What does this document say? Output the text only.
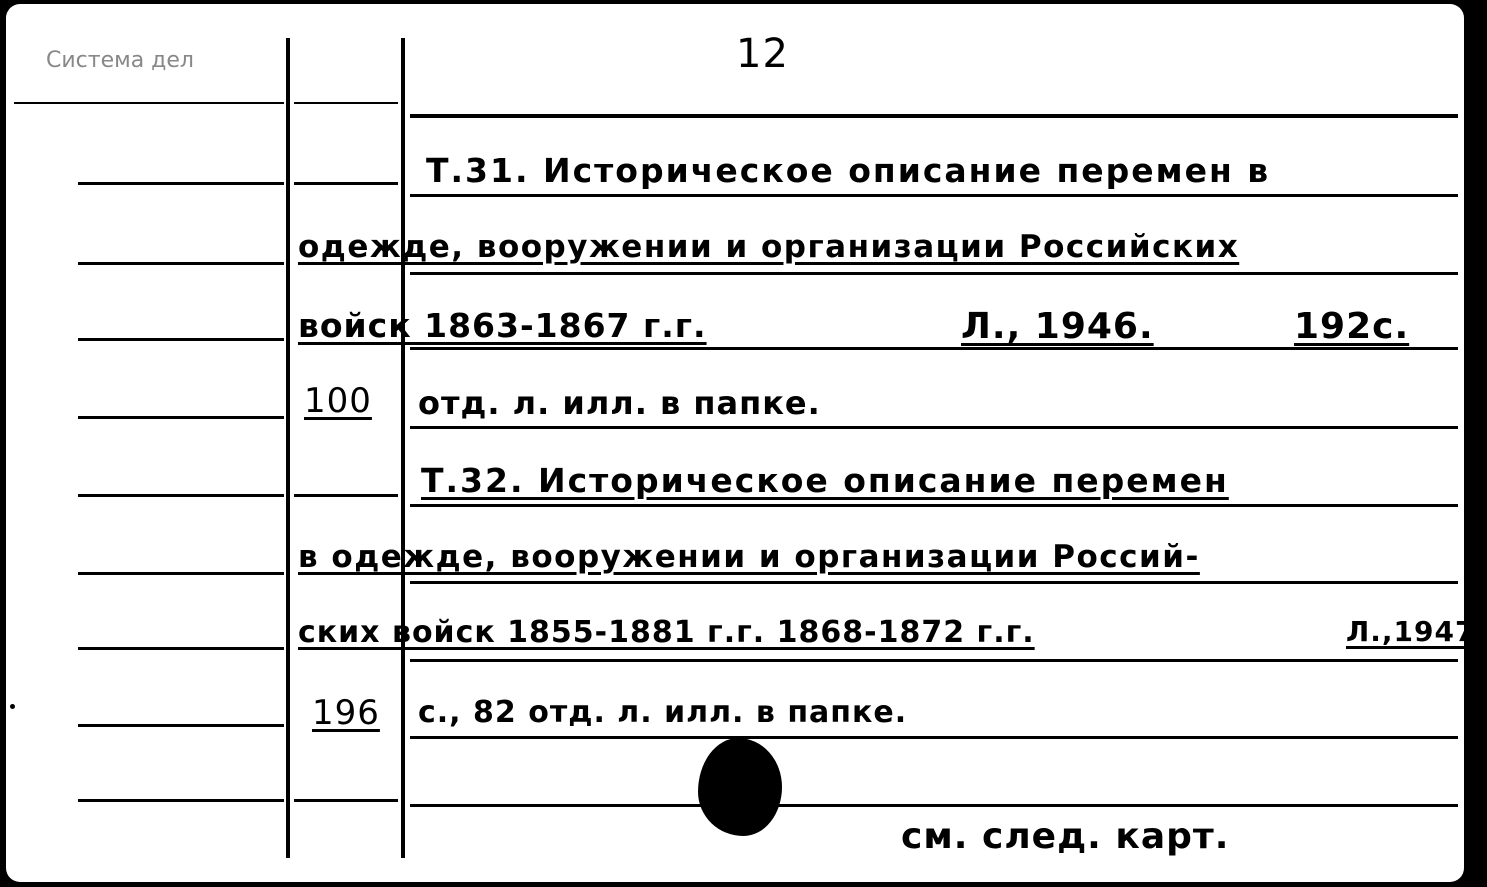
Система дел	12
Т.31. Историческое описание перемен в
одежде, вооружении и организации Российских
войск 1863-1867 г.г.	Л., 1946.	192с.
100 отд. л. илл. в папке.
Т.32. Историческое описание перемен
в одежде, вооружении и организации Россий-
ских войск 1855-1881 г.г. 1868-1872 г.г.	Л.,1947.
196 с., 82 отд. л. илл. в папке.
см. след. карт.
